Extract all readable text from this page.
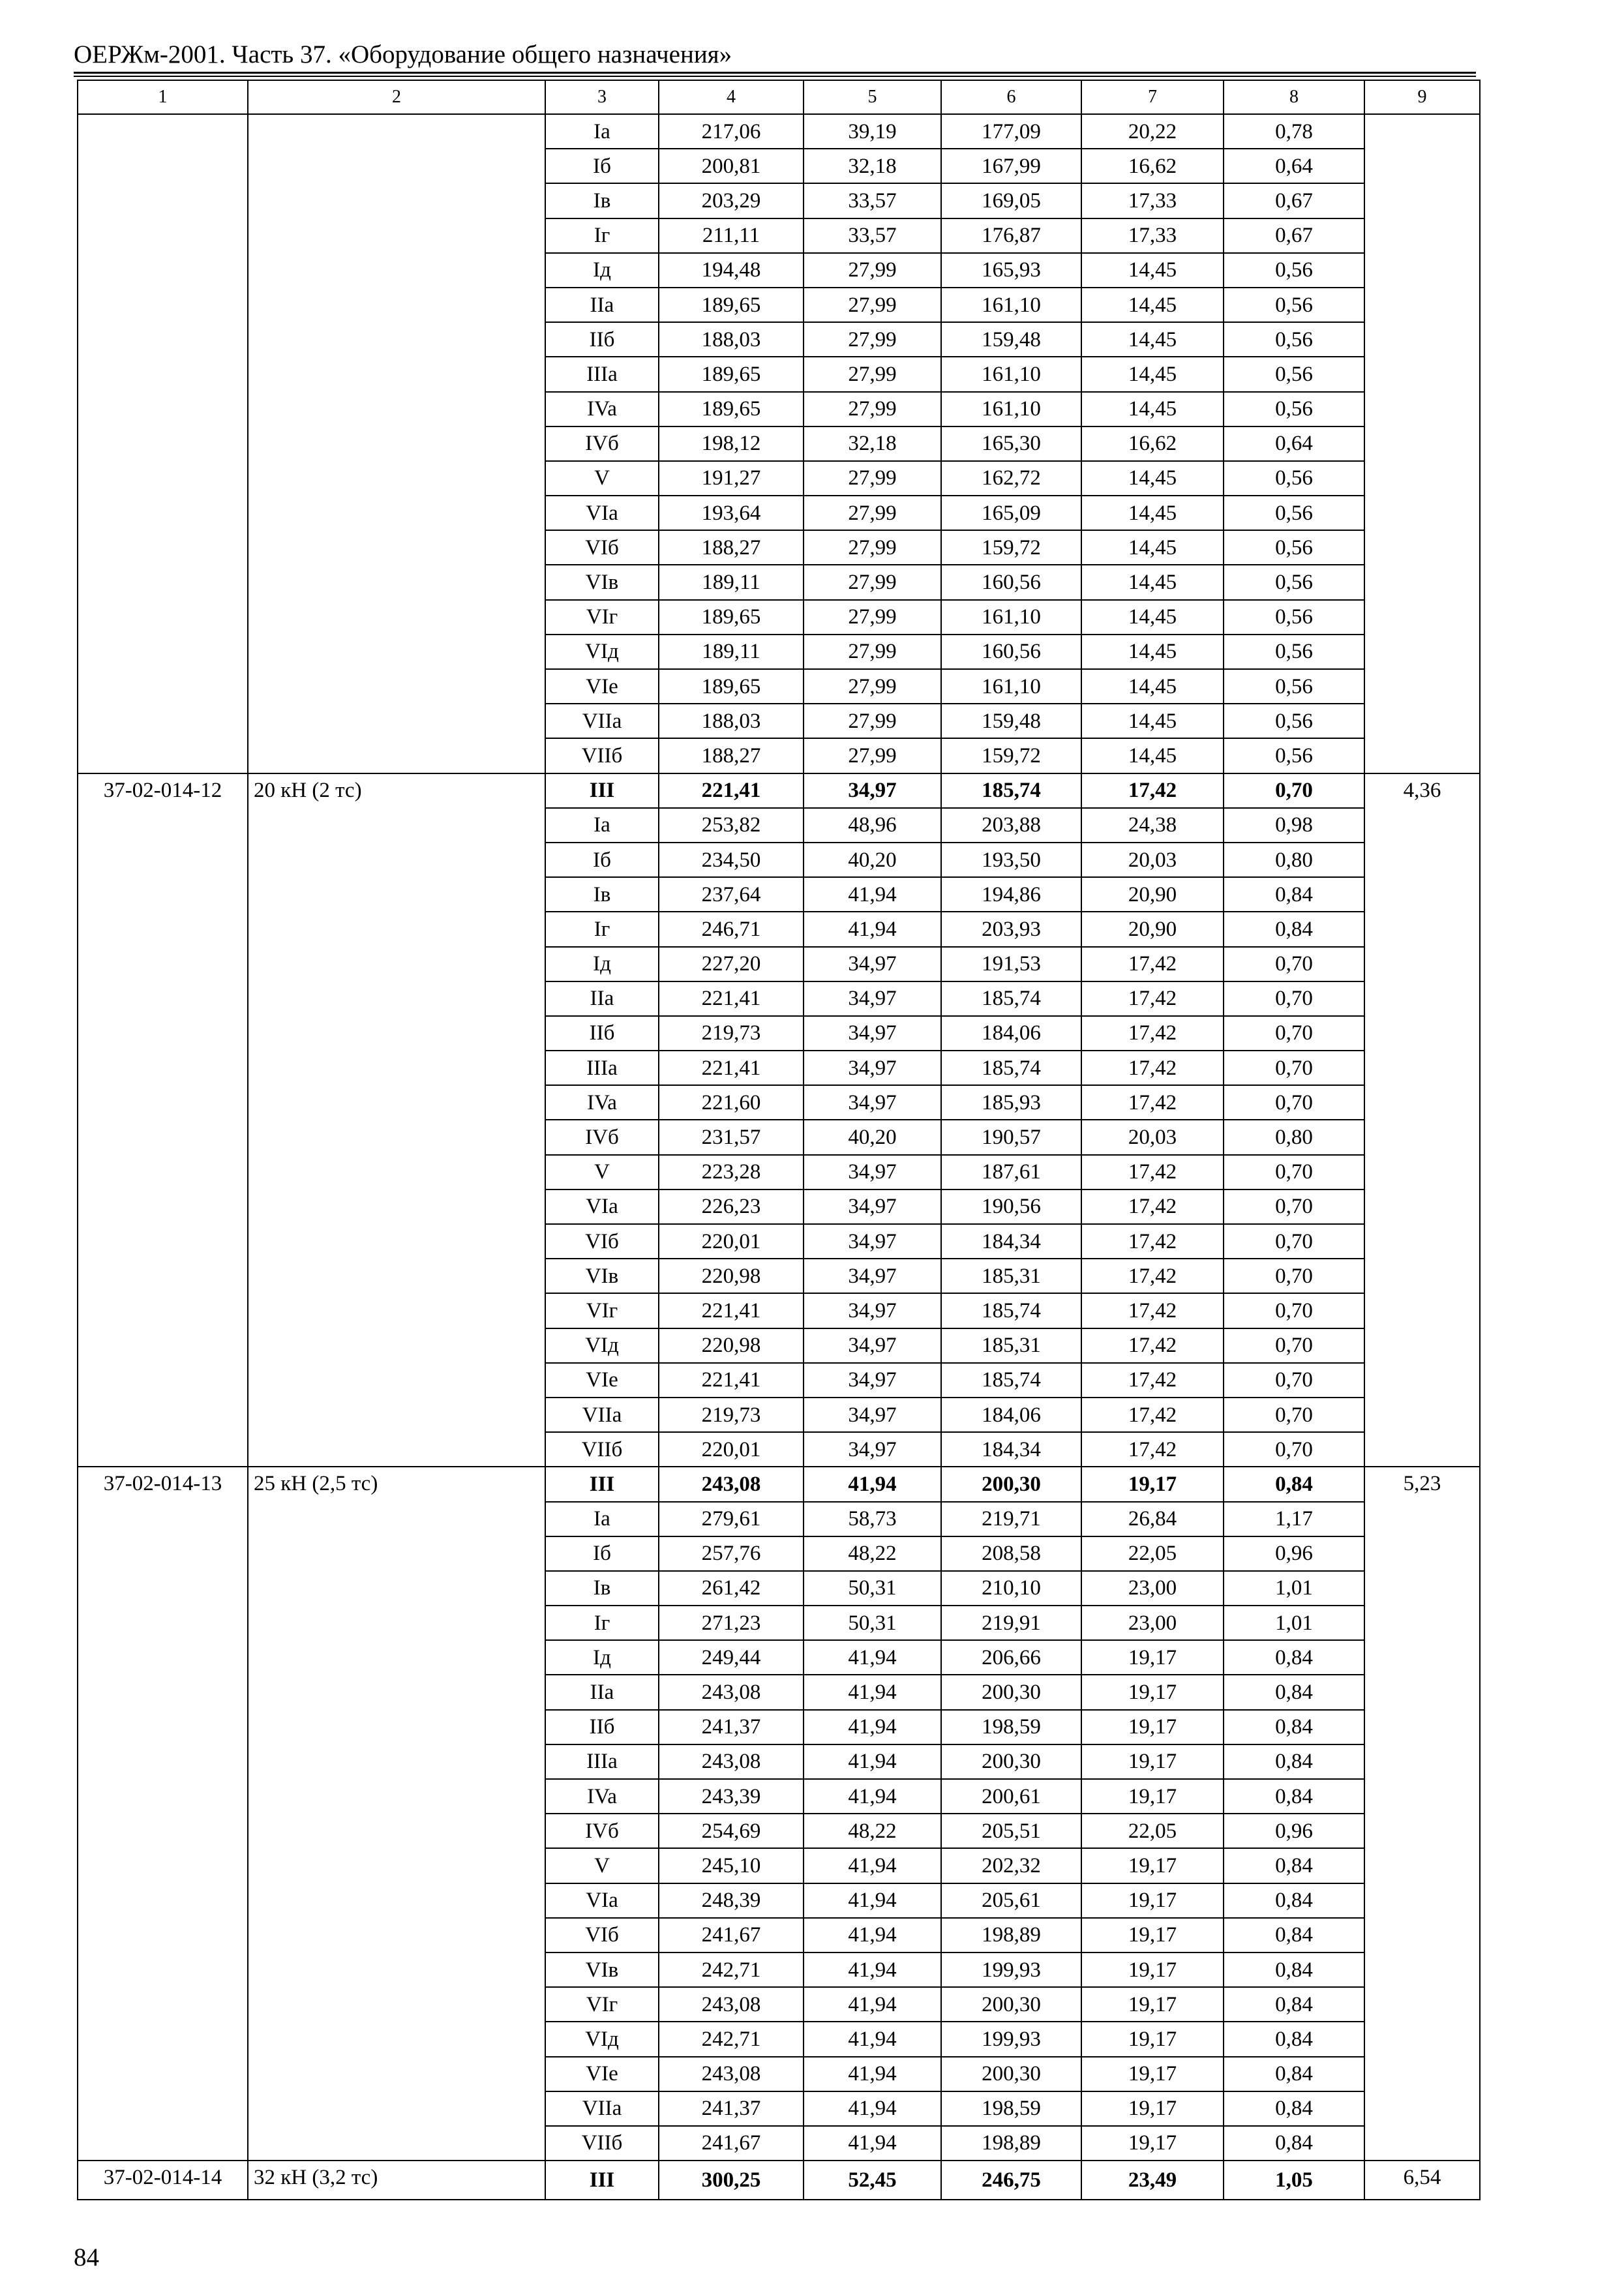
ОЕРЖм-2001. Часть 37. «Оборудование общего назначения»
1	2	3	4	5	6	7	8	9
		Ia	217,06	39,19	177,09	20,22	0,78	
		Iб	200,81	32,18	167,99	16,62	0,64	
		Iв	203,29	33,57	169,05	17,33	0,67	
		Iг	211,11	33,57	176,87	17,33	0,67	
		Iд	194,48	27,99	165,93	14,45	0,56	
		IIa	189,65	27,99	161,10	14,45	0,56	
		IIб	188,03	27,99	159,48	14,45	0,56	
		IIIa	189,65	27,99	161,10	14,45	0,56	
		IVa	189,65	27,99	161,10	14,45	0,56	
		IVб	198,12	32,18	165,30	16,62	0,64	
		V	191,27	27,99	162,72	14,45	0,56	
		VIa	193,64	27,99	165,09	14,45	0,56	
		VIб	188,27	27,99	159,72	14,45	0,56	
		VIв	189,11	27,99	160,56	14,45	0,56	
		VIг	189,65	27,99	161,10	14,45	0,56	
		VIд	189,11	27,99	160,56	14,45	0,56	
		VIe	189,65	27,99	161,10	14,45	0,56	
		VIIa	188,03	27,99	159,48	14,45	0,56	
		VIIб	188,27	27,99	159,72	14,45	0,56	
37-02-014-12	20 кН (2 тс)	III	221,41	34,97	185,74	17,42	0,70	4,36
		Ia	253,82	48,96	203,88	24,38	0,98	
		Iб	234,50	40,20	193,50	20,03	0,80	
		Iв	237,64	41,94	194,86	20,90	0,84	
		Iг	246,71	41,94	203,93	20,90	0,84	
		Iд	227,20	34,97	191,53	17,42	0,70	
		IIa	221,41	34,97	185,74	17,42	0,70	
		IIб	219,73	34,97	184,06	17,42	0,70	
		IIIa	221,41	34,97	185,74	17,42	0,70	
		IVa	221,60	34,97	185,93	17,42	0,70	
		IVб	231,57	40,20	190,57	20,03	0,80	
		V	223,28	34,97	187,61	17,42	0,70	
		VIa	226,23	34,97	190,56	17,42	0,70	
		VIб	220,01	34,97	184,34	17,42	0,70	
		VIв	220,98	34,97	185,31	17,42	0,70	
		VIг	221,41	34,97	185,74	17,42	0,70	
		VIд	220,98	34,97	185,31	17,42	0,70	
		VIe	221,41	34,97	185,74	17,42	0,70	
		VIIa	219,73	34,97	184,06	17,42	0,70	
		VIIб	220,01	34,97	184,34	17,42	0,70	
37-02-014-13	25 кН (2,5 тс)	III	243,08	41,94	200,30	19,17	0,84	5,23
		Ia	279,61	58,73	219,71	26,84	1,17	
		Iб	257,76	48,22	208,58	22,05	0,96	
		Iв	261,42	50,31	210,10	23,00	1,01	
		Iг	271,23	50,31	219,91	23,00	1,01	
		Iд	249,44	41,94	206,66	19,17	0,84	
		IIa	243,08	41,94	200,30	19,17	0,84	
		IIб	241,37	41,94	198,59	19,17	0,84	
		IIIa	243,08	41,94	200,30	19,17	0,84	
		IVa	243,39	41,94	200,61	19,17	0,84	
		IVб	254,69	48,22	205,51	22,05	0,96	
		V	245,10	41,94	202,32	19,17	0,84	
		VIa	248,39	41,94	205,61	19,17	0,84	
		VIб	241,67	41,94	198,89	19,17	0,84	
		VIв	242,71	41,94	199,93	19,17	0,84	
		VIг	243,08	41,94	200,30	19,17	0,84	
		VIд	242,71	41,94	199,93	19,17	0,84	
		VIe	243,08	41,94	200,30	19,17	0,84	
		VIIa	241,37	41,94	198,59	19,17	0,84	
		VIIб	241,67	41,94	198,89	19,17	0,84	
37-02-014-14	32 кН (3,2 тс)	III	300,25	52,45	246,75	23,49	1,05	6,54
84
